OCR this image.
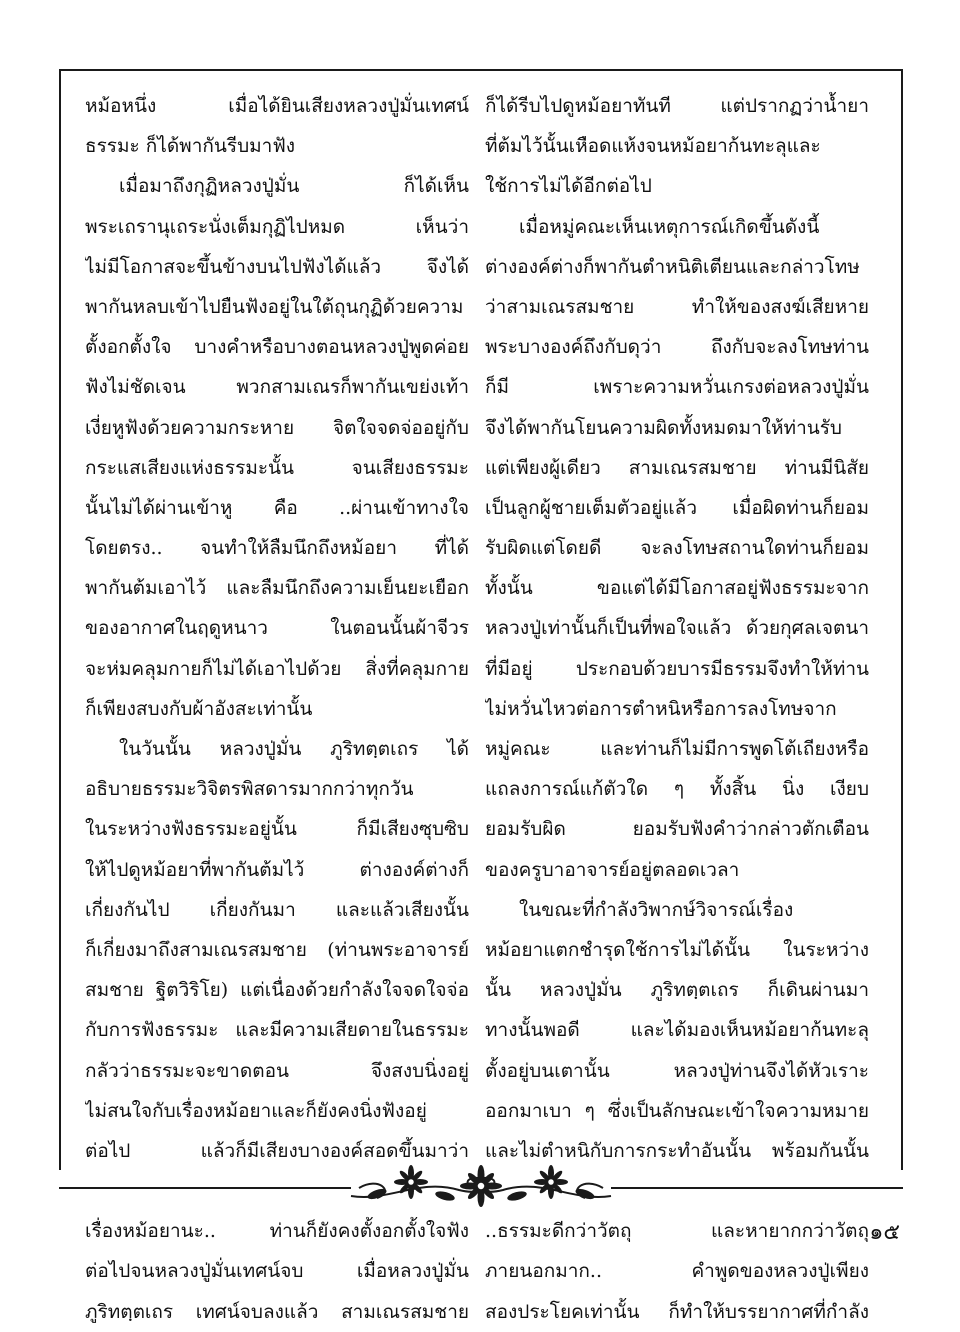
หม้อหนึ่ง เมื่อได้ยินเสียงหลวงปู่มั่นเทศน์
ธรรมะ ก็ได้พากันรีบมาฟัง
เมื่อมาถึงกุฏิหลวงปู่มั่น ก็ได้เห็น
พระเถรานุเถระนั่งเต็มกุฏิไปหมด เห็นว่า
ไม่มีโอกาสจะขึ้นข้างบนไปฟังได้แล้ว จึงได้
พากันหลบเข้าไปยืนฟังอยู่ในใต้ถุนกุฏิด้วยความ
ตั้งอกตั้งใจ บางคำหรือบางตอนหลวงปู่พูดค่อย
ฟังไม่ชัดเจน พวกสามเณรก็พากันเขย่งเท้า
เงี่ยหูฟังด้วยความกระหาย จิตใจจดจ่ออยู่กับ
กระแสเสียงแห่งธรรมะนั้น จนเสียงธรรมะ
นั้นไม่ได้ผ่านเข้าหู คือ ..ผ่านเข้าทางใจ
โดยตรง.. จนทำให้ลืมนึกถึงหม้อยา ที่ได้
พากันต้มเอาไว้ และลืมนึกถึงความเย็นยะเยือก
ของอากาศในฤดูหนาว ในตอนนั้นผ้าจีวร
จะห่มคลุมกายก็ไม่ได้เอาไปด้วย สิ่งที่คลุมกาย
ก็เพียงสบงกับผ้าอังสะเท่านั้น
ในวันนั้น หลวงปู่มั่น ภูริทตฺตเถร ได้
อธิบายธรรมะวิจิตรพิสดารมากกว่าทุกวัน
ในระหว่างฟังธรรมะอยู่นั้น ก็มีเสียงซุบซิบ
ให้ไปดูหม้อยาที่พากันต้มไว้ ต่างองค์ต่างก็
เกี่ยงกันไป เกี่ยงกันมา และแล้วเสียงนั้น
ก็เกี่ยงมาถึงสามเณรสมชาย (ท่านพระอาจารย์
สมชาย ฐิตวิริโย) แต่เนื่องด้วยกำลังใจจดใจจ่อ
กับการฟังธรรมะ และมีความเสียดายในธรรมะ
กลัวว่าธรรมะจะขาดตอน จึงสงบนิ่งอยู่
ไม่สนใจกับเรื่องหม้อยาและก็ยังคงนิ่งฟังอยู่
ต่อไป แล้วก็มีเสียงบางองค์สอดขึ้นมาว่า
เรื่องหม้อยานะ.. ท่านก็ยังคงตั้งอกตั้งใจฟัง
ต่อไปจนหลวงปู่มั่นเทศน์จบ เมื่อหลวงปู่มั่น
ภูริทตฺตเถร เทศน์จบลงแล้ว สามเณรสมชาย
ก็ได้รีบไปดูหม้อยาทันที แต่ปรากฏว่าน้ำยา
ที่ต้มไว้นั้นเหือดแห้งจนหม้อยาก้นทะลุและ
ใช้การไม่ได้อีกต่อไป
เมื่อหมู่คณะเห็นเหตุการณ์เกิดขึ้นดังนี้
ต่างองค์ต่างก็พากันตำหนิติเตียนและกล่าวโทษ
ว่าสามเณรสมชาย ทำให้ของสงฆ์เสียหาย
พระบางองค์ถึงกับดุว่า ถึงกับจะลงโทษท่าน
ก็มี เพราะความหวั่นเกรงต่อหลวงปู่มั่น
จึงได้พากันโยนความผิดทั้งหมดมาให้ท่านรับ
แต่เพียงผู้เดียว สามเณรสมชาย ท่านมีนิสัย
เป็นลูกผู้ชายเต็มตัวอยู่แล้ว เมื่อผิดท่านก็ยอม
รับผิดแต่โดยดี จะลงโทษสถานใดท่านก็ยอม
ทั้งนั้น ขอแต่ได้มีโอกาสอยู่ฟังธรรมะจาก
หลวงปู่เท่านั้นก็เป็นที่พอใจแล้ว ด้วยกุศลเจตนา
ที่มีอยู่ ประกอบด้วยบารมีธรรมจึงทำให้ท่าน
ไม่หวั่นไหวต่อการตำหนิหรือการลงโทษจาก
หมู่คณะ และท่านก็ไม่มีการพูดโต้เถียงหรือ
แถลงการณ์แก้ตัวใด ๆ ทั้งสิ้น นิ่ง เงียบ
ยอมรับผิด ยอมรับฟังคำว่ากล่าวตักเตือน
ของครูบาอาจารย์อยู่ตลอดเวลา
ในขณะที่กำลังวิพากษ์วิจารณ์เรื่อง
หม้อยาแตกชำรุดใช้การไม่ได้นั้น ในระหว่าง
นั้น หลวงปู่มั่น ภูริทตฺตเถร ก็เดินผ่านมา
ทางนั้นพอดี และได้มองเห็นหม้อยาก้นทะลุ
ตั้งอยู่บนเตานั้น หลวงปู่ท่านจึงได้หัวเราะ
ออกมาเบา ๆ ซึ่งเป็นลักษณะเข้าใจความหมาย
และไม่ตำหนิกับการกระทำอันนั้น พร้อมกันนั้น
..ธรรมะดีกว่าวัตถุ และหายากกว่าวัตถุ
ภายนอกมาก.. คำพูดของหลวงปู่เพียง
สองประโยคเท่านั้น ก็ทำให้บรรยากาศที่กำลัง
๑๕
